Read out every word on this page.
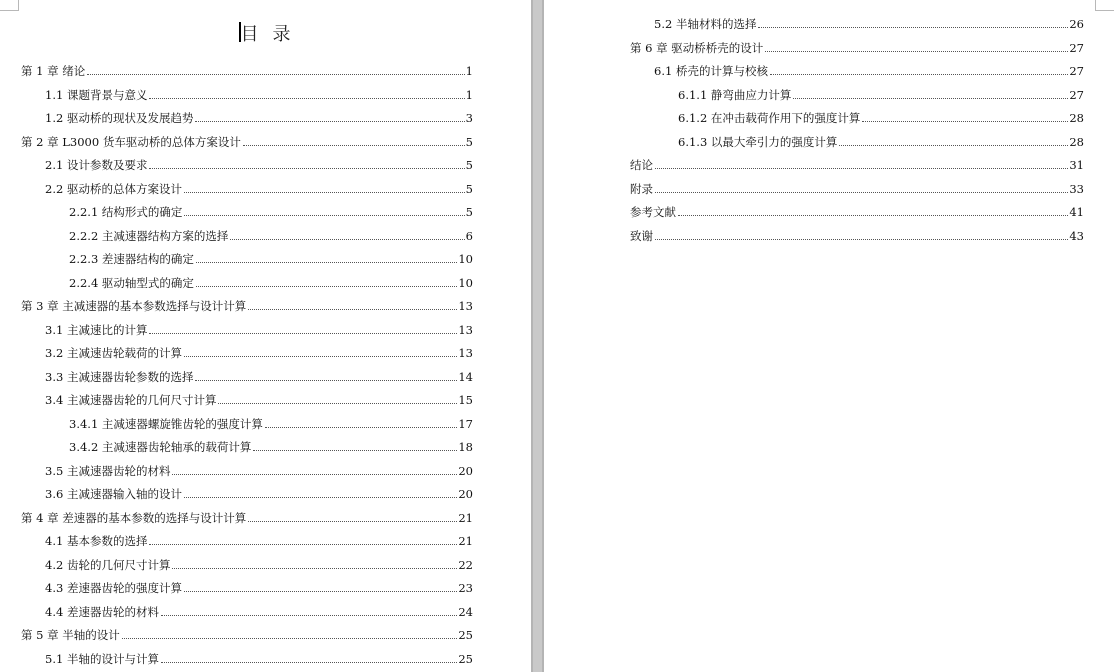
目录
第 1 章 绪论	1
1.1 课题背景与意义	1
1.2 驱动桥的现状及发展趋势	3
第 2 章 L3000 货车驱动桥的总体方案设计	5
2.1 设计参数及要求	5
2.2 驱动桥的总体方案设计	5
2.2.1 结构形式的确定	5
2.2.2 主减速器结构方案的选择	6
2.2.3 差速器结构的确定	10
2.2.4 驱动轴型式的确定	10
第 3 章 主减速器的基本参数选择与设计计算	13
3.1 主减速比的计算	13
3.2 主减速齿轮载荷的计算	13
3.3 主减速器齿轮参数的选择	14
3.4 主减速器齿轮的几何尺寸计算	15
3.4.1 主减速器螺旋锥齿轮的强度计算	17
3.4.2 主减速器齿轮轴承的载荷计算	18
3.5 主减速器齿轮的材料	20
3.6 主减速器输入轴的设计	20
第 4 章 差速器的基本参数的选择与设计计算	21
4.1 基本参数的选择	21
4.2 齿轮的几何尺寸计算	22
4.3 差速器齿轮的强度计算	23
4.4 差速器齿轮的材料	24
第 5 章 半轴的设计	25
5.1 半轴的设计与计算	25
5.2 半轴材料的选择	26
第 6 章 驱动桥桥壳的设计	27
6.1 桥壳的计算与校核	27
6.1.1 静弯曲应力计算	27
6.1.2 在冲击载荷作用下的强度计算	28
6.1.3 以最大牵引力的强度计算	28
结论	31
附录	33
参考文献	41
致谢	43
